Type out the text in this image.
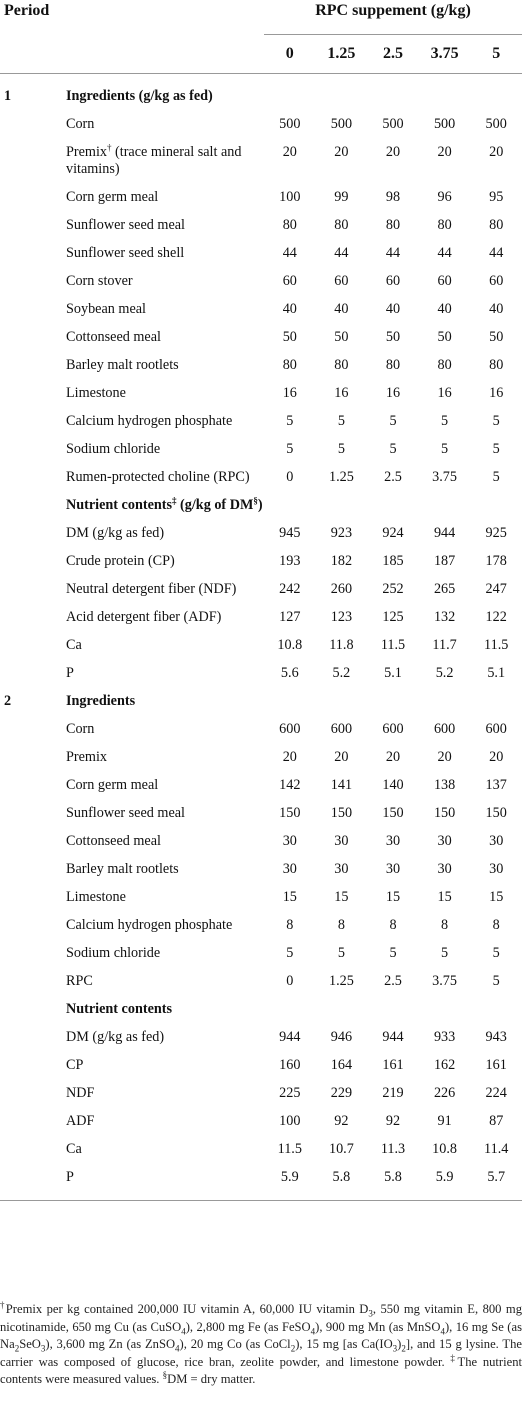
Period		RPC suppement (g/kg)				
		0	1.25	2.5	3.75	5

1	Ingredients (g/kg as fed)					
	Corn	500	500	500	500	500
	Premix† (trace mineral salt and vitamins)	20	20	20	20	20
	Corn germ meal	100	99	98	96	95
	Sunflower seed meal	80	80	80	80	80
	Sunflower seed shell	44	44	44	44	44
	Corn stover	60	60	60	60	60
	Soybean meal	40	40	40	40	40
	Cottonseed meal	50	50	50	50	50
	Barley malt rootlets	80	80	80	80	80
	Limestone	16	16	16	16	16
	Calcium hydrogen phosphate	5	5	5	5	5
	Sodium chloride	5	5	5	5	5
	Rumen-protected choline (RPC)	0	1.25	2.5	3.75	5
	Nutrient contents‡ (g/kg of DM§)					
	DM (g/kg as fed)	945	923	924	944	925
	Crude protein (CP)	193	182	185	187	178
	Neutral detergent fiber (NDF)	242	260	252	265	247
	Acid detergent fiber (ADF)	127	123	125	132	122
	Ca	10.8	11.8	11.5	11.7	11.5
	P	5.6	5.2	5.1	5.2	5.1
2	Ingredients					
	Corn	600	600	600	600	600
	Premix	20	20	20	20	20
	Corn germ meal	142	141	140	138	137
	Sunflower seed meal	150	150	150	150	150
	Cottonseed meal	30	30	30	30	30
	Barley malt rootlets	30	30	30	30	30
	Limestone	15	15	15	15	15
	Calcium hydrogen phosphate	8	8	8	8	8
	Sodium chloride	5	5	5	5	5
	RPC	0	1.25	2.5	3.75	5
	Nutrient contents					
	DM (g/kg as fed)	944	946	944	933	943
	CP	160	164	161	162	161
	NDF	225	229	219	226	224
	ADF	100	92	92	91	87
	Ca	11.5	10.7	11.3	10.8	11.4
	P	5.9	5.8	5.8	5.9	5.7
†Premix per kg contained 200,000 IU vitamin A, 60,000 IU vitamin $D_3$, 550 mg vitamin E, 800 mg nicotinamide, 650 mg Cu (as CuSO$_4$), 2,800 mg Fe (as FeSO$_4$), 900 mg Mn (as MnSO$_4$), 16 mg Se (as $Na_2SeO_3$), 3,600 mg Zn (as ZnSO$_4$), 20 mg Co (as CoCl$_2$), 15 mg [as $Ca(IO_3)_2$], and 15 g lysine. The carrier was composed of glucose, rice bran, zeolite powder, and limestone powder. ‡The nutrient contents were measured values. §DM = dry matter.
